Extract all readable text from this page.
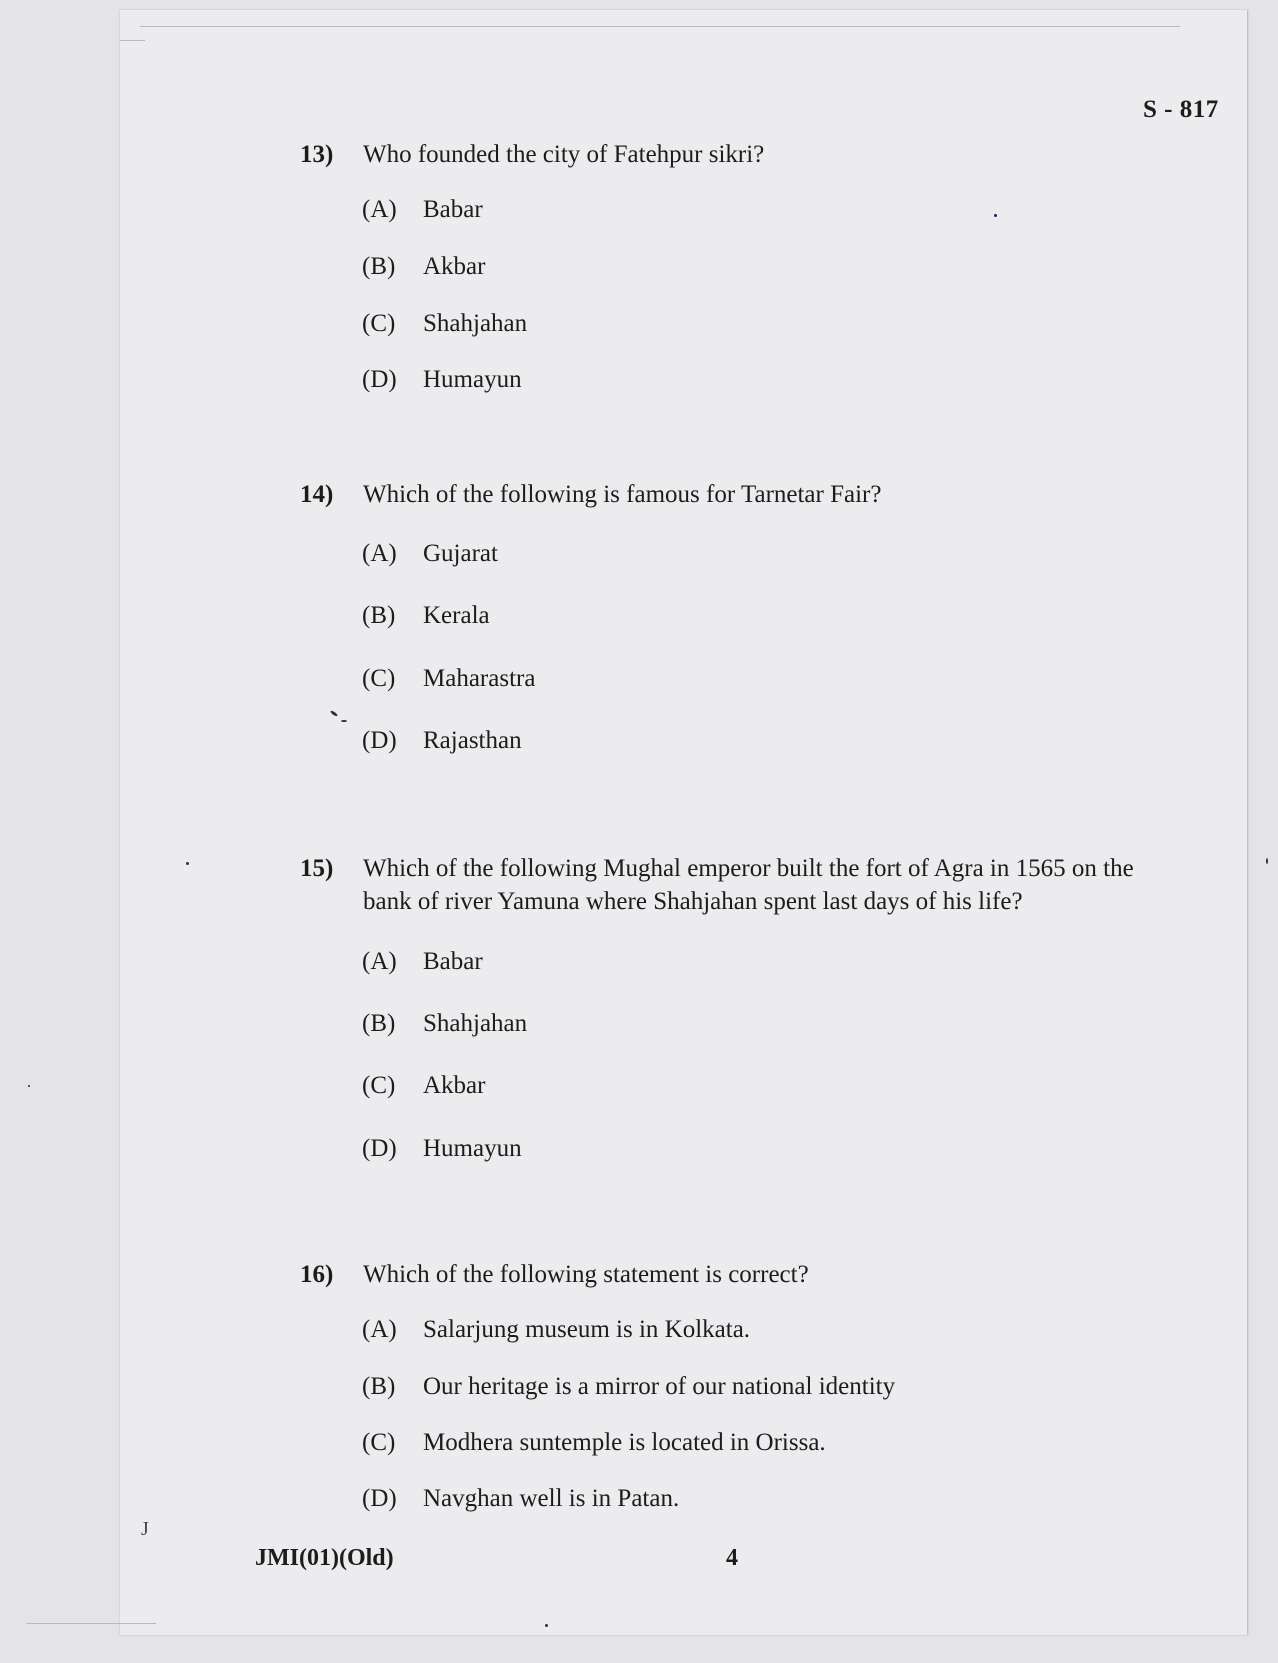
S - 817
13)	Who founded the city of Fatehpur sikri?
(A)	Babar
(B)	Akbar
(C)	Shahjahan
(D)	Humayun
14)	Which of the following is famous for Tarnetar Fair?
(A)	Gujarat
(B)	Kerala
(C)	Maharastra
(D)	Rajasthan
15)	Which of the following Mughal emperor built the fort of Agra in 1565 on the bank of river Yamuna where Shahjahan spent last days of his life?
(A)	Babar
(B)	Shahjahan
(C)	Akbar
(D)	Humayun
16)	Which of the following statement is correct?
(A)	Salarjung museum is in Kolkata.
(B)	Our heritage is a mirror of our national identity
(C)	Modhera suntemple is located in Orissa.
(D)	Navghan well is in Patan.
J
JMI(01)(Old)	4
